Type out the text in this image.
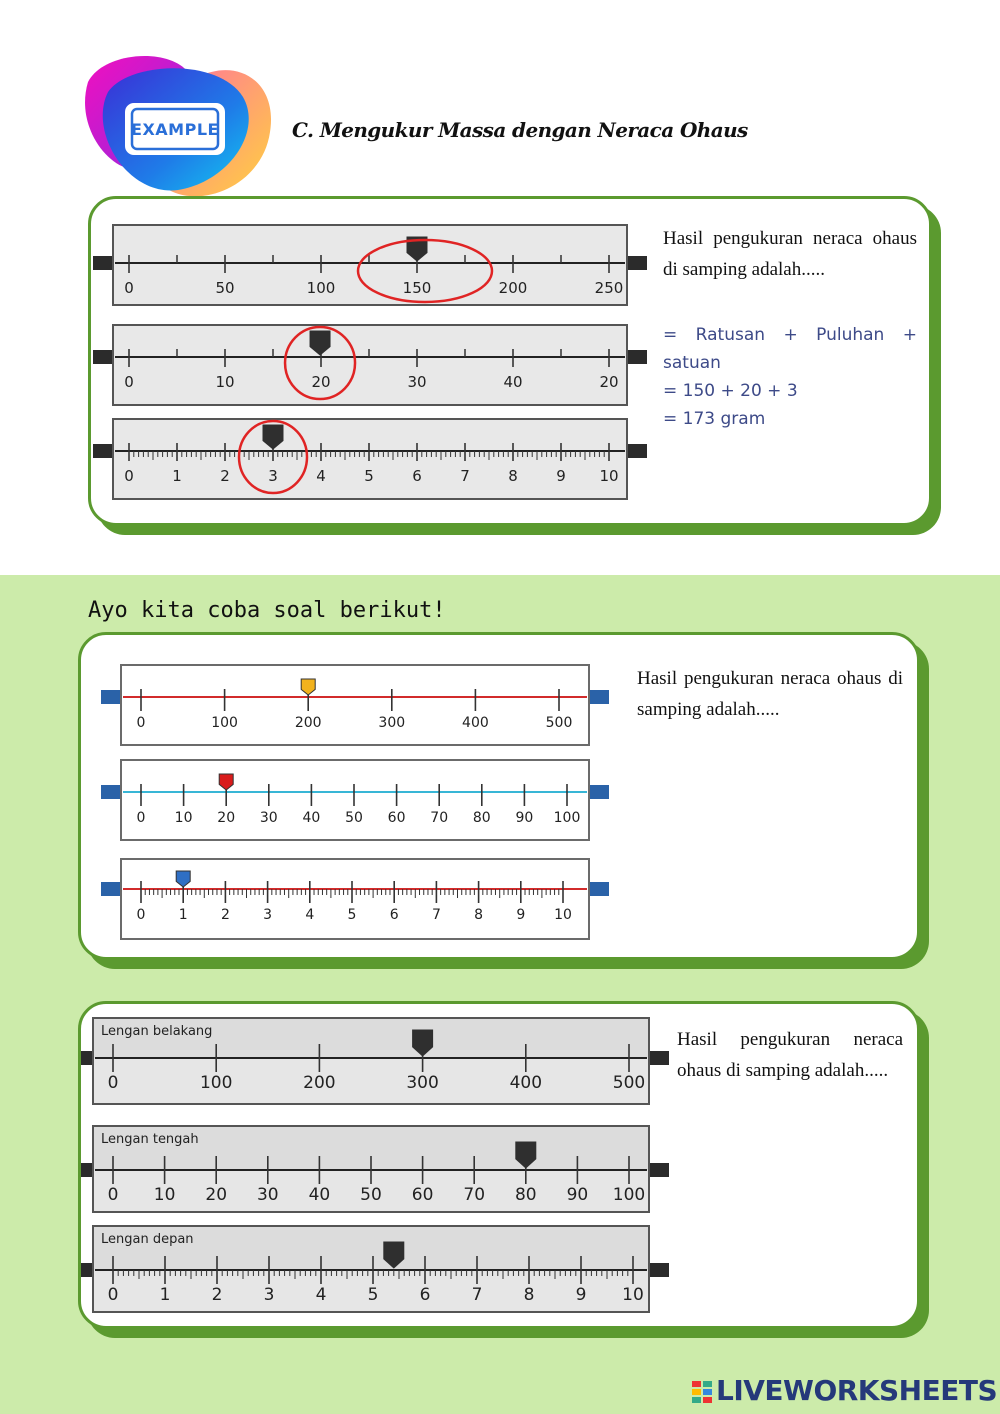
EXAMPLE	C. Mengukur Massa dengan Neraca Ohaus
0	50	100	150	200	250
0	10	20	30	40	20
0	1	2	3	4	5	6	7	8	9 10
Hasil pengukuran neraca ohaus di samping adalah.....
= Ratusan + Puluhan + satuan
= 150 + 20 + 3
= 173 gram
Ayo kita coba soal berikut!
0	100	200	300	400	500
0 10 20 30 40 50 60 70 80 90 100
0 1 2 3 4 5 6 7 8 9 10
Hasil pengukuran neraca ohaus di samping adalah.....
Lengan belakang
0	100	200	300	400	500
Lengan tengah
0 10 20 30 40 50 60 70 80 90 100
Lengan depan
0 1 2 3 4 5 6 7 8 9 10
Hasil pengukuran neraca ohaus di samping adalah.....
LIVEWORKSHEETS
